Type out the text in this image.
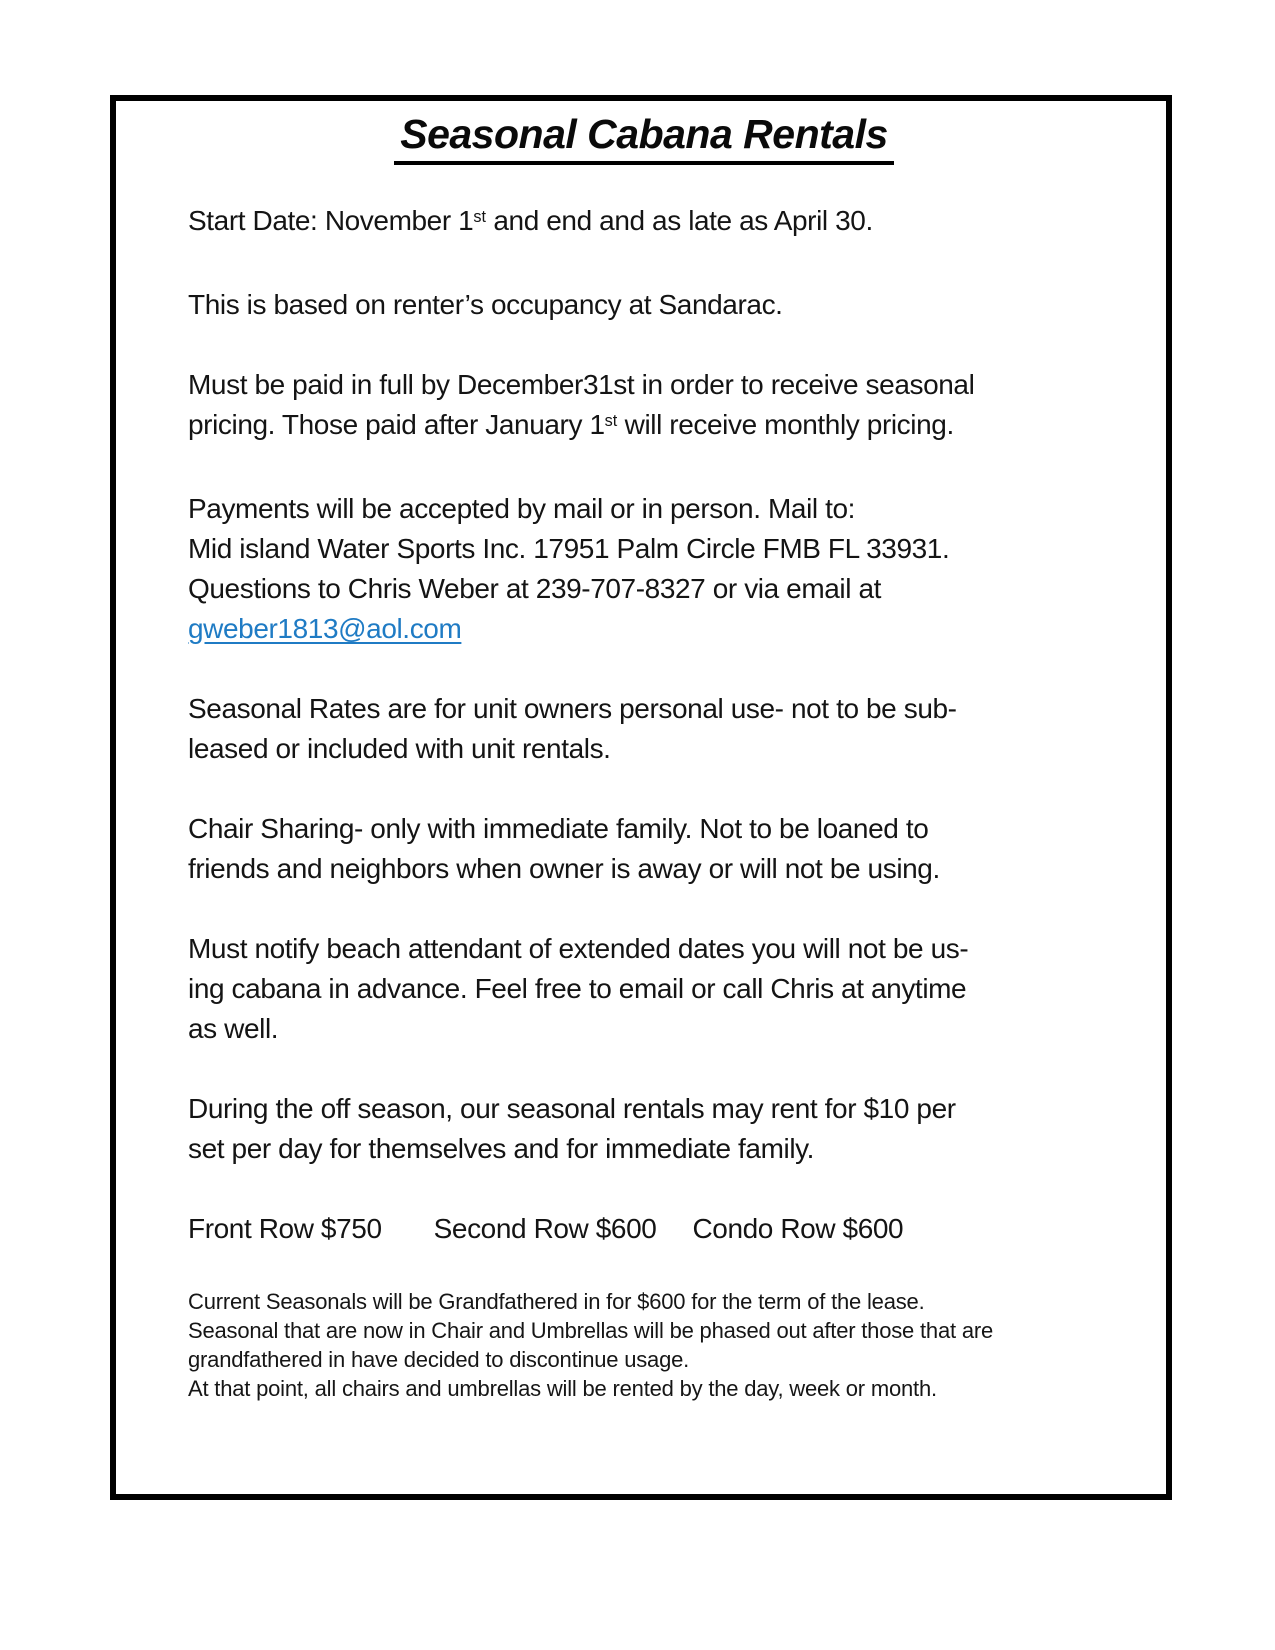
Seasonal Cabana Rentals
Start Date: November 1st and end and as late as April 30.
This is based on renter’s occupancy at Sandarac.
Must be paid in full by December31st in order to receive seasonal
pricing. Those paid after January 1st will receive monthly pricing.
Payments will be accepted by mail or in person. Mail to:
Mid island Water Sports Inc. 17951 Palm Circle FMB FL 33931.
Questions to Chris Weber at 239-707-8327 or via email at
gweber1813@aol.com
Seasonal Rates are for unit owners personal use- not to be sub-
leased or included with unit rentals.
Chair Sharing- only with immediate family. Not to be loaned to
friends and neighbors when owner is away or will not be using.
Must notify beach attendant of extended dates you will not be us-
ing cabana in advance. Feel free to email or call Chris at anytime
as well.
During the off season, our seasonal rentals may rent for $10 per
set per day for themselves and for immediate family.
Front Row $750 Second Row $600 Condo Row $600
Current Seasonals will be Grandfathered in for $600 for the term of the lease.
Seasonal that are now in Chair and Umbrellas will be phased out after those that are
grandfathered in have decided to discontinue usage.
At that point, all chairs and umbrellas will be rented by the day, week or month.
